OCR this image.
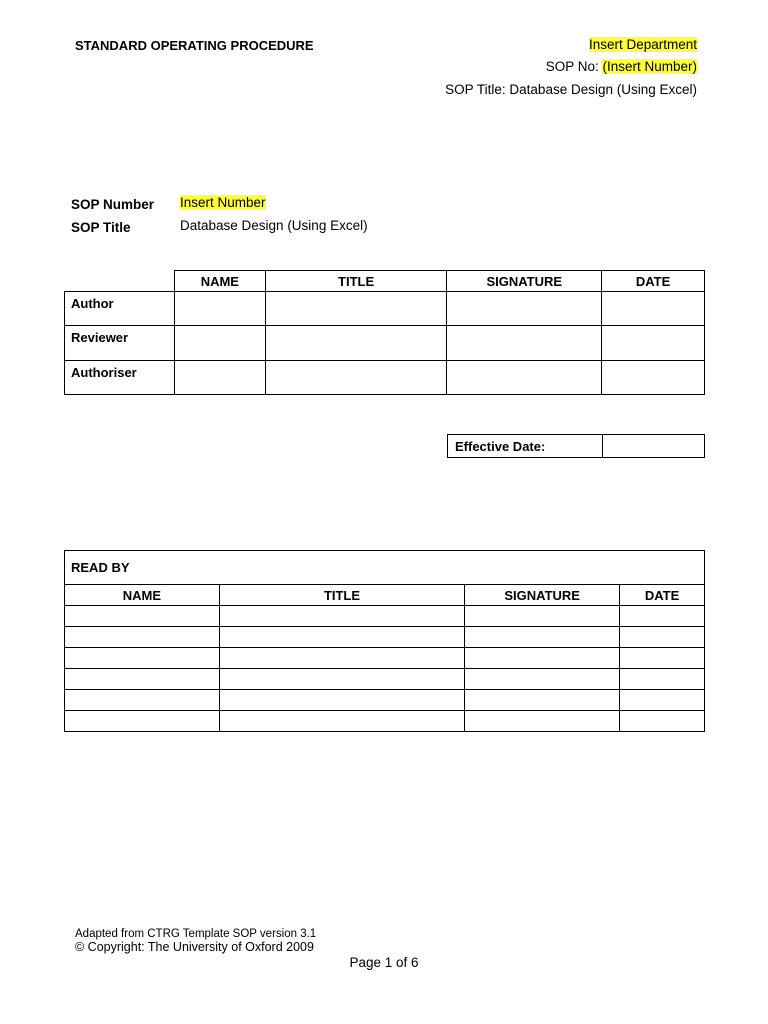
STANDARD OPERATING PROCEDURE	Insert Department
SOP No: (Insert Number)
SOP Title: Database Design (Using Excel)
SOP Number Insert Number
SOP Title	Database Design (Using Excel)
	NAME	TITLE	SIGNATURE	DATE
Author				
Reviewer				
Authoriser				
Effective Date:	
READ BY			
NAME	TITLE	SIGNATURE	DATE

Adapted from CTRG Template SOP version 3.1
© Copyright: The University of Oxford 2009
Page 1 of 6
